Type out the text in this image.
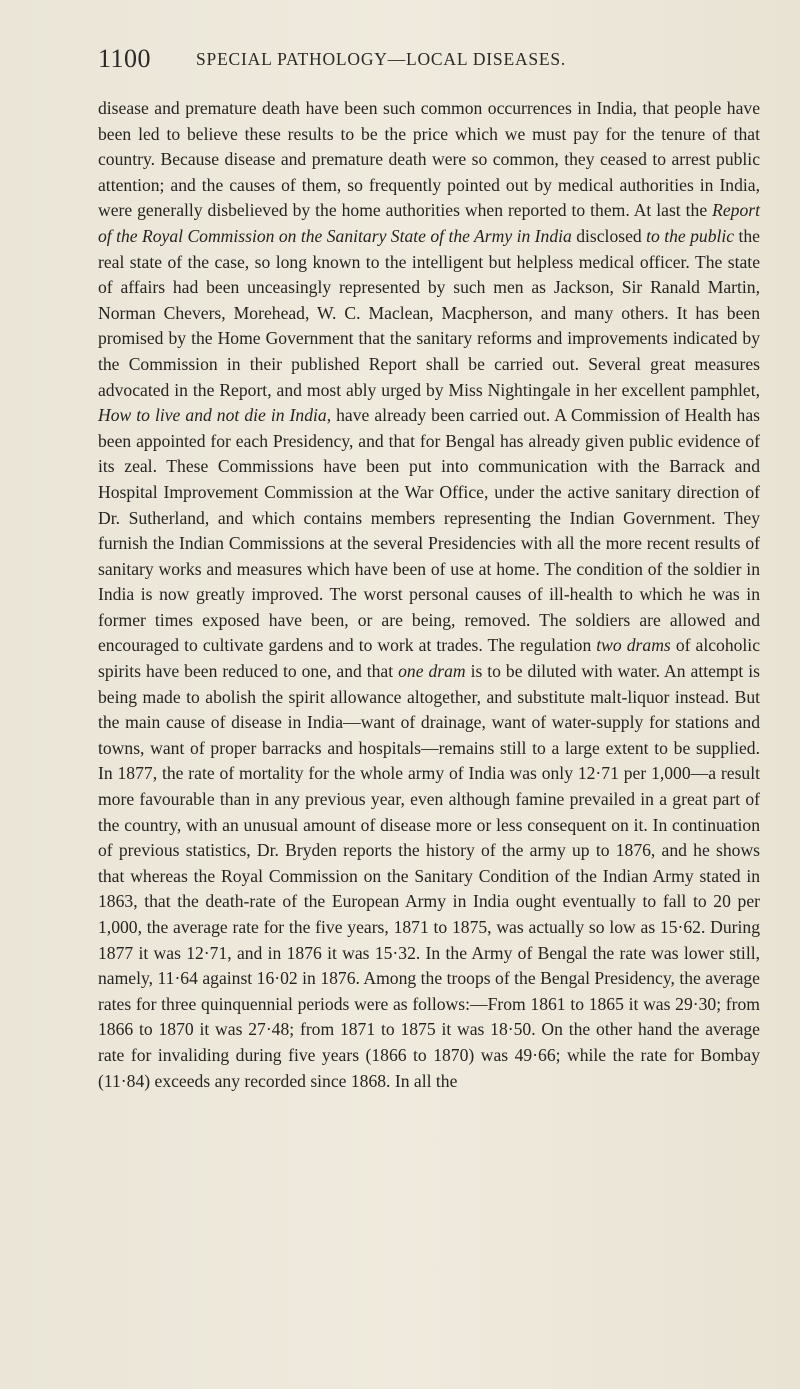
1100	SPECIAL PATHOLOGY—LOCAL DISEASES.

disease and premature death have been such common occurrences in India, that people have been led to believe these results to be the price which we must pay for the tenure of that country. Because disease and premature death were so common, they ceased to arrest public attention; and the causes of them, so frequently pointed out by medical authorities in India, were generally disbelieved by the home authorities when reported to them. At last the Report of the Royal Commission on the Sanitary State of the Army in India disclosed to the public the real state of the case, so long known to the intelligent but helpless medical officer. The state of affairs had been unceasingly represented by such men as Jackson, Sir Ranald Martin, Norman Chevers, Morehead, W. C. Maclean, Macpherson, and many others. It has been promised by the Home Government that the sanitary reforms and improvements indicated by the Commission in their published Report shall be carried out. Several great measures advocated in the Report, and most ably urged by Miss Nightingale in her excellent pamphlet, How to live and not die in India, have already been carried out. A Commission of Health has been appointed for each Presidency, and that for Bengal has already given public evidence of its zeal. These Commissions have been put into communication with the Barrack and Hospital Improvement Commission at the War Office, under the active sanitary direction of Dr. Sutherland, and which contains members representing the Indian Government. They furnish the Indian Commissions at the several Presidencies with all the more recent results of sanitary works and measures which have been of use at home. The condition of the soldier in India is now greatly improved. The worst personal causes of ill-health to which he was in former times exposed have been, or are being, removed. The soldiers are allowed and encouraged to cultivate gardens and to work at trades. The regulation two drams of alcoholic spirits have been reduced to one, and that one dram is to be diluted with water. An attempt is being made to abolish the spirit allowance altogether, and substitute malt-liquor instead. But the main cause of disease in India—want of drainage, want of water-supply for stations and towns, want of proper barracks and hospitals—remains still to a large extent to be supplied. In 1877, the rate of mortality for the whole army of India was only 12·71 per 1,000—a result more favourable than in any previous year, even although famine prevailed in a great part of the country, with an unusual amount of disease more or less consequent on it. In continuation of previous statistics, Dr. Bryden reports the history of the army up to 1876, and he shows that whereas the Royal Commission on the Sanitary Condition of the Indian Army stated in 1863, that the death-rate of the European Army in India ought eventually to fall to 20 per 1,000, the average rate for the five years, 1871 to 1875, was actually so low as 15·62. During 1877 it was 12·71, and in 1876 it was 15·32. In the Army of Bengal the rate was lower still, namely, 11·64 against 16·02 in 1876. Among the troops of the Bengal Presidency, the average rates for three quinquennial periods were as follows:—From 1861 to 1865 it was 29·30; from 1866 to 1870 it was 27·48; from 1871 to 1875 it was 18·50. On the other hand the average rate for invaliding during five years (1866 to 1870) was 49·66; while the rate for Bombay (11·84) exceeds any recorded since 1868. In all the
